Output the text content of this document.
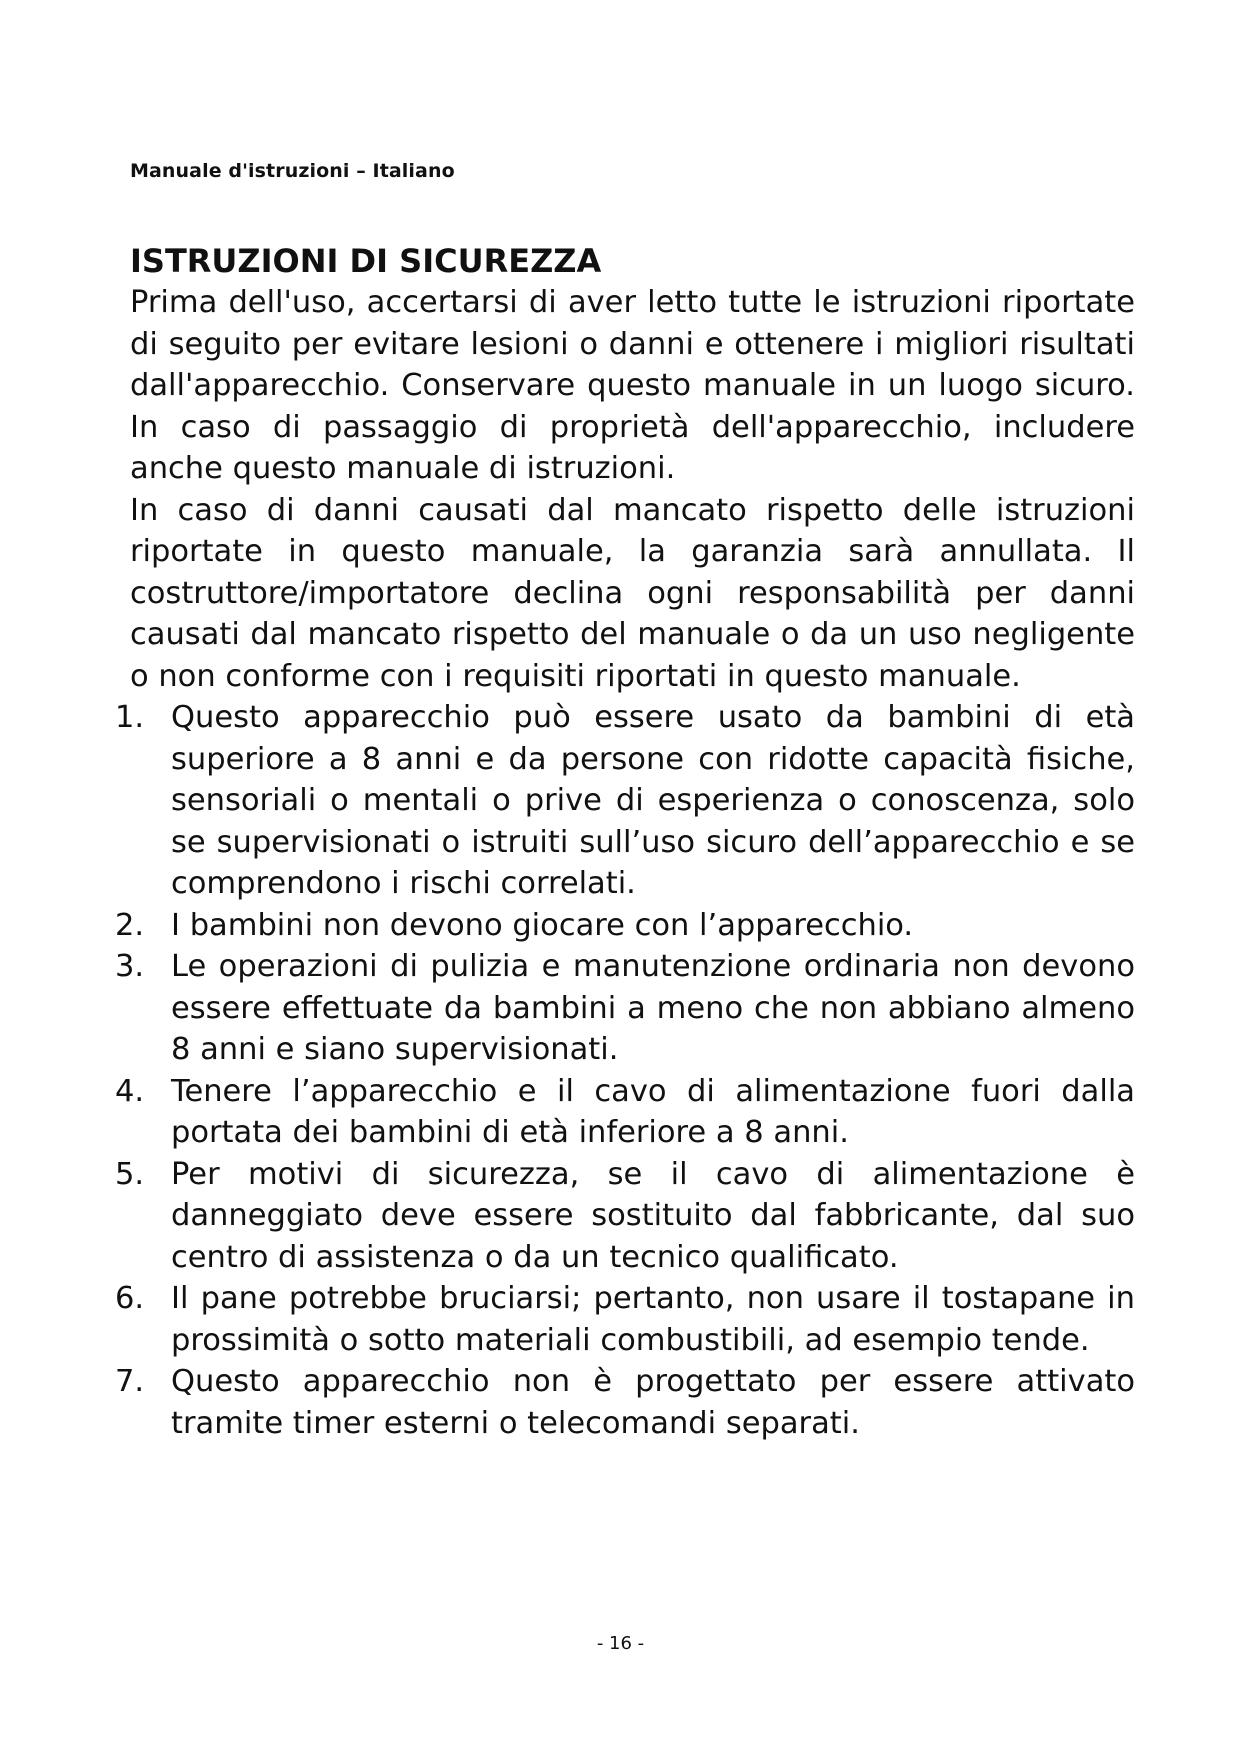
Manuale d'istruzioni – Italiano
ISTRUZIONI DI SICUREZZA

Prima dell'uso, accertarsi di aver letto tutte le istruzioni riportate di seguito per evitare lesioni o danni e ottenere i migliori risultati dall'apparecchio. Conservare questo manuale in un luogo sicuro. In caso di passaggio di proprietà dell'apparecchio, includere anche questo manuale di istruzioni.

In caso di danni causati dal mancato rispetto delle istruzioni riportate in questo manuale, la garanzia sarà annullata. Il costruttore/importatore declina ogni responsabilità per danni causati dal mancato rispetto del manuale o da un uso negligente o non conforme con i requisiti riportati in questo manuale.

1. Questo apparecchio può essere usato da bambini di età superiore a 8 anni e da persone con ridotte capacità fisiche, sensoriali o mentali o prive di esperienza o conoscenza, solo se supervisionati o istruiti sull’uso sicuro dell’apparecchio e se comprendono i rischi correlati.
2. I bambini non devono giocare con l’apparecchio.
3. Le operazioni di pulizia e manutenzione ordinaria non devono essere effettuate da bambini a meno che non abbiano almeno 8 anni e siano supervisionati.
4. Tenere l’apparecchio e il cavo di alimentazione fuori dalla portata dei bambini di età inferiore a 8 anni.
5. Per motivi di sicurezza, se il cavo di alimentazione è danneggiato deve essere sostituito dal fabbricante, dal suo centro di assistenza o da un tecnico qualificato.
6. Il pane potrebbe bruciarsi; pertanto, non usare il tostapane in prossimità o sotto materiali combustibili, ad esempio tende.
7. Questo apparecchio non è progettato per essere attivato tramite timer esterni o telecomandi separati.
- 16 -
